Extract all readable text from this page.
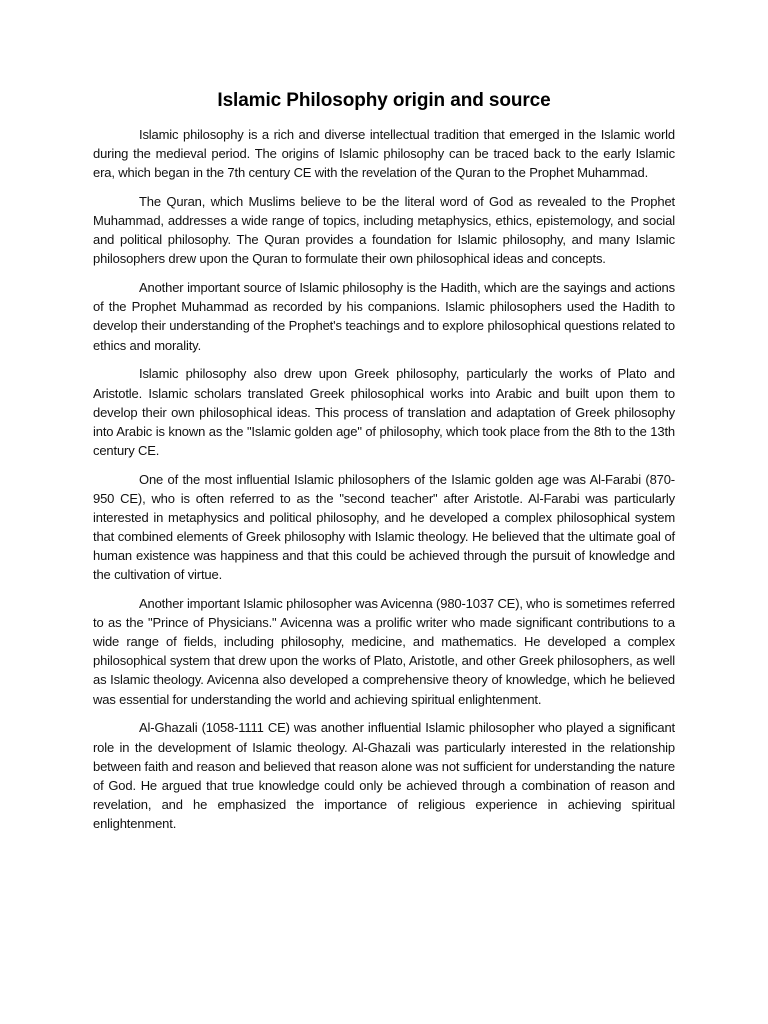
Islamic Philosophy origin and source

Islamic philosophy is a rich and diverse intellectual tradition that emerged in the Islamic world during the medieval period. The origins of Islamic philosophy can be traced back to the early Islamic era, which began in the 7th century CE with the revelation of the Quran to the Prophet Muhammad.

The Quran, which Muslims believe to be the literal word of God as revealed to the Prophet Muhammad, addresses a wide range of topics, including metaphysics, ethics, epistemology, and social and political philosophy. The Quran provides a foundation for Islamic philosophy, and many Islamic philosophers drew upon the Quran to formulate their own philosophical ideas and concepts.

Another important source of Islamic philosophy is the Hadith, which are the sayings and actions of the Prophet Muhammad as recorded by his companions. Islamic philosophers used the Hadith to develop their understanding of the Prophet's teachings and to explore philosophical questions related to ethics and morality.

Islamic philosophy also drew upon Greek philosophy, particularly the works of Plato and Aristotle. Islamic scholars translated Greek philosophical works into Arabic and built upon them to develop their own philosophical ideas. This process of translation and adaptation of Greek philosophy into Arabic is known as the "Islamic golden age" of philosophy, which took place from the 8th to the 13th century CE.

One of the most influential Islamic philosophers of the Islamic golden age was Al-Farabi (870-950 CE), who is often referred to as the "second teacher" after Aristotle. Al-Farabi was particularly interested in metaphysics and political philosophy, and he developed a complex philosophical system that combined elements of Greek philosophy with Islamic theology. He believed that the ultimate goal of human existence was happiness and that this could be achieved through the pursuit of knowledge and the cultivation of virtue.

Another important Islamic philosopher was Avicenna (980-1037 CE), who is sometimes referred to as the "Prince of Physicians." Avicenna was a prolific writer who made significant contributions to a wide range of fields, including philosophy, medicine, and mathematics. He developed a complex philosophical system that drew upon the works of Plato, Aristotle, and other Greek philosophers, as well as Islamic theology. Avicenna also developed a comprehensive theory of knowledge, which he believed was essential for understanding the world and achieving spiritual enlightenment.

Al-Ghazali (1058-1111 CE) was another influential Islamic philosopher who played a significant role in the development of Islamic theology. Al-Ghazali was particularly interested in the relationship between faith and reason and believed that reason alone was not sufficient for understanding the nature of God. He argued that true knowledge could only be achieved through a combination of reason and revelation, and he emphasized the importance of religious experience in achieving spiritual enlightenment.
